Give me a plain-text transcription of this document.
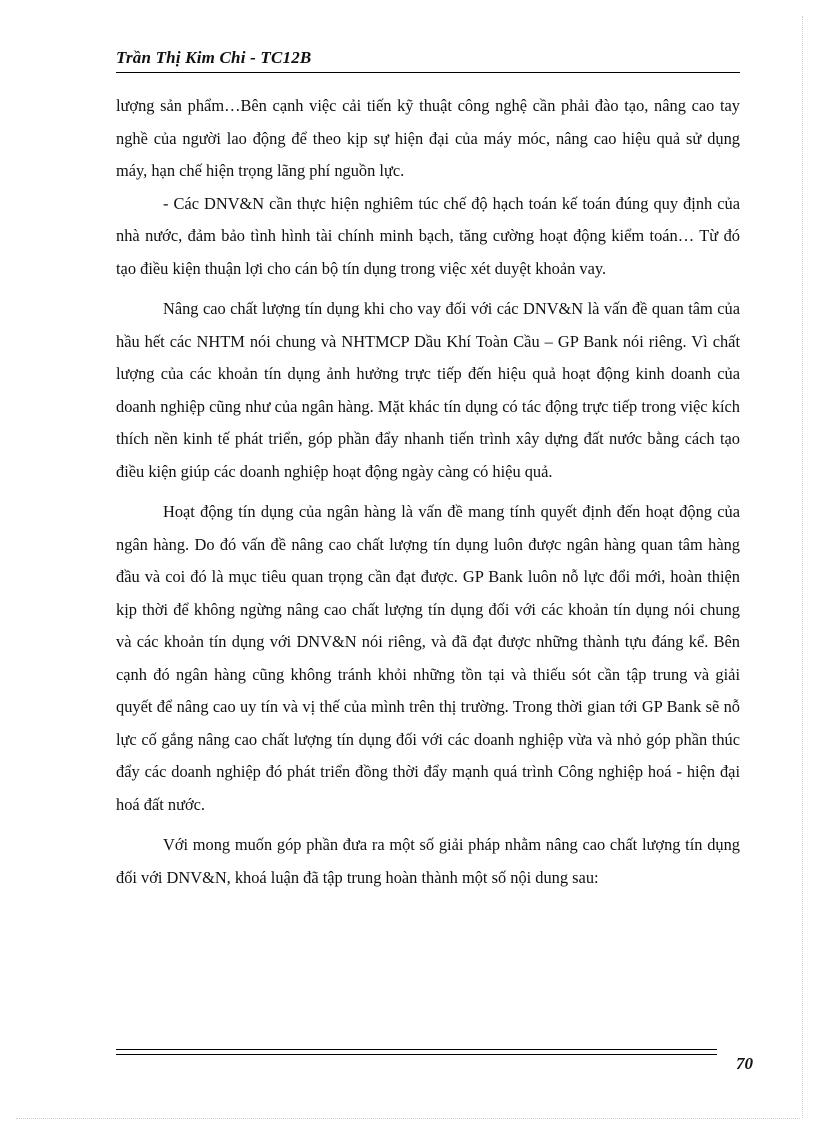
Trần Thị Kim Chi - TC12B

lượng sản phẩm…Bên cạnh việc cải tiến kỹ thuật công nghệ cần phải đào tạo, nâng cao tay nghề của người lao động để theo kịp sự hiện đại của máy móc, nâng cao hiệu quả sử dụng máy, hạn chế hiện trọng lãng phí nguồn lực.

- Các DNV&N cần thực hiện nghiêm túc chế độ hạch toán kế toán đúng quy định của nhà nước, đảm bảo tình hình tài chính minh bạch, tăng cường hoạt động kiểm toán… Từ đó tạo điều kiện thuận lợi cho cán bộ tín dụng trong việc xét duyệt khoản vay.

Nâng cao chất lượng tín dụng khi cho vay đối với các DNV&N là vấn đề quan tâm của hầu hết các NHTM nói chung và NHTMCP Dầu Khí Toàn Cầu – GP Bank nói riêng. Vì chất lượng của các khoản tín dụng ảnh hưởng trực tiếp đến hiệu quả hoạt động kinh doanh của doanh nghiệp cũng như của ngân hàng. Mặt khác tín dụng có tác động trực tiếp trong việc kích thích nền kinh tế phát triển, góp phần đẩy nhanh tiến trình xây dựng đất nước bằng cách tạo điều kiện giúp các doanh nghiệp hoạt động ngày càng có hiệu quả.

Hoạt động tín dụng của ngân hàng là vấn đề mang tính quyết định đến hoạt động của ngân hàng. Do đó vấn đề nâng cao chất lượng tín dụng luôn được ngân hàng quan tâm hàng đầu và coi đó là mục tiêu quan trọng cần đạt được. GP Bank luôn nỗ lực đổi mới, hoàn thiện kịp thời để không ngừng nâng cao chất lượng tín dụng đối với các khoản tín dụng nói chung và các khoản tín dụng với DNV&N nói riêng, và đã đạt được những thành tựu đáng kể. Bên cạnh đó ngân hàng cũng không tránh khỏi những tồn tại và thiếu sót cần tập trung và giải quyết để nâng cao uy tín và vị thế của mình trên thị trường. Trong thời gian tới GP Bank sẽ nỗ lực cố gắng nâng cao chất lượng tín dụng đối với các doanh nghiệp vừa và nhỏ góp phần thúc đẩy các doanh nghiệp đó phát triển đồng thời đẩy mạnh quá trình Công nghiệp hoá - hiện đại hoá đất nước.

Với mong muốn góp phần đưa ra một số giải pháp nhằm nâng cao chất lượng tín dụng đối với DNV&N, khoá luận đã tập trung hoàn thành một số nội dung sau:

70
